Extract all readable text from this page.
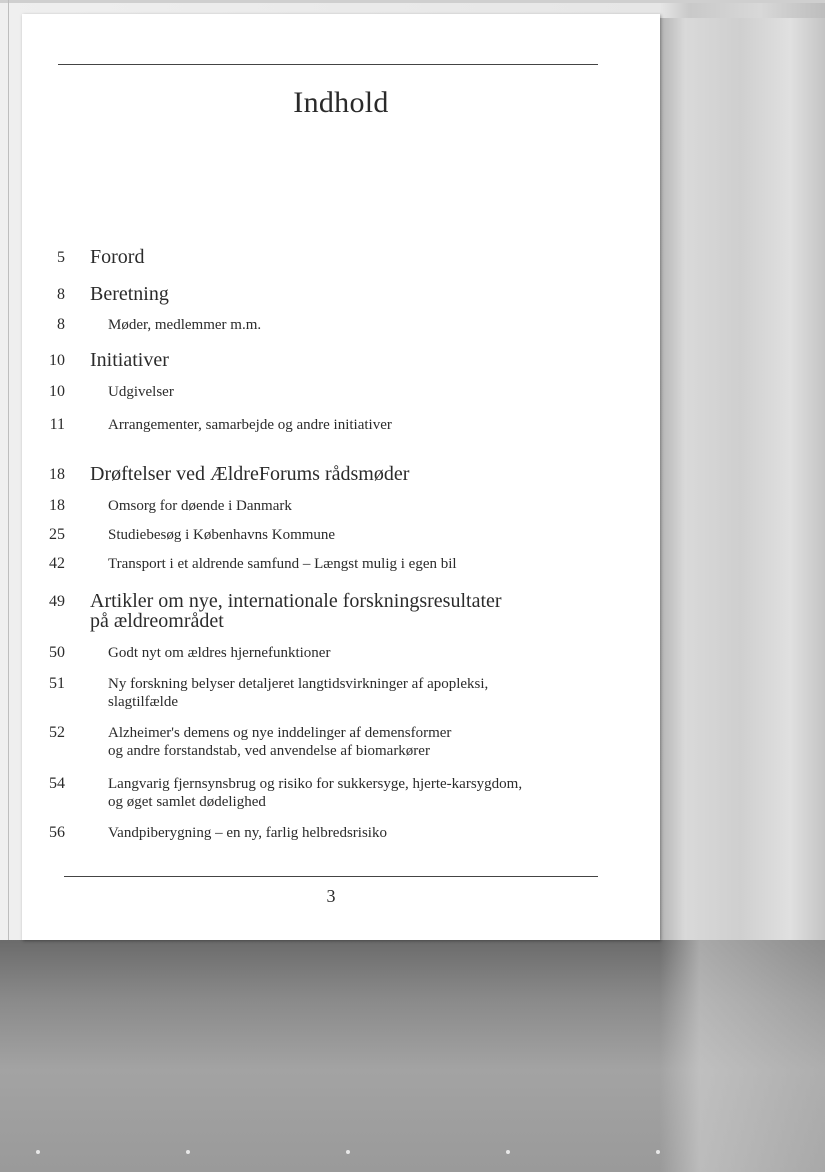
Indhold
5 Forord
8 Beretning
8	Møder, medlemmer m.m.
10 Initiativer
10	Udgivelser
11	Arrangementer, samarbejde og andre initiativer
18 Drøftelser ved ÆldreForums rådsmøder
18	Omsorg for døende i Danmark
25	Studiebesøg i Københavns Kommune
42	Transport i et aldrende samfund – Længst mulig i egen bil
49 Artikler om nye, internationale forskningsresultater
på ældreområdet
50	Godt nyt om ældres hjernefunktioner
51	Ny forskning belyser detaljeret langtidsvirkninger af apopleksi,
slagtilfælde
52	Alzheimer's demens og nye inddelinger af demensformer
og andre forstandstab, ved anvendelse af biomarkører
54	Langvarig fjernsynsbrug og risiko for sukkersyge, hjerte-karsygdom,
og øget samlet dødelighed
56	Vandpiberygning – en ny, farlig helbredsrisiko
3
